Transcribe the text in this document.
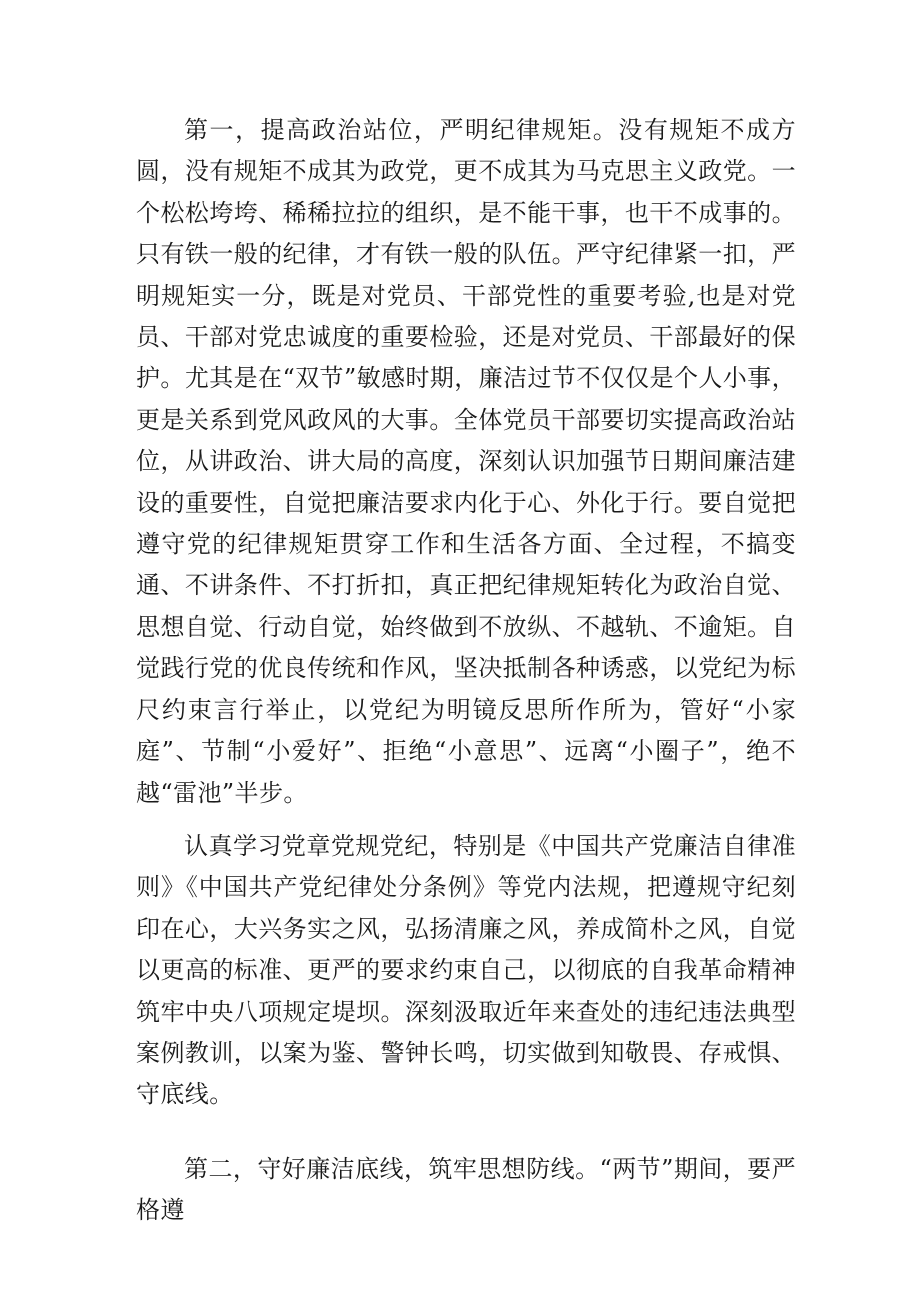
第一，提高政治站位，严明纪律规矩。没有规矩不成方圆，没有规矩不成其为政党，更不成其为马克思主义政党。一个松松垮垮、稀稀拉拉的组织，是不能干事，也干不成事的。只有铁一般的纪律，才有铁一般的队伍。严守纪律紧一扣，严明规矩实一分，既是对党员、干部党性的重要考验,也是对党员、干部对党忠诚度的重要检验，还是对党员、干部最好的保护。尤其是在“双节”敏感时期，廉洁过节不仅仅是个人小事，更是关系到党风政风的大事。全体党员干部要切实提高政治站位，从讲政治、讲大局的高度，深刻认识加强节日期间廉洁建设的重要性，自觉把廉洁要求内化于心、外化于行。要自觉把遵守党的纪律规矩贯穿工作和生活各方面、全过程，不搞变通、不讲条件、不打折扣，真正把纪律规矩转化为政治自觉、思想自觉、行动自觉，始终做到不放纵、不越轨、不逾矩。自觉践行党的优良传统和作风，坚决抵制各种诱惑，以党纪为标尺约束言行举止，以党纪为明镜反思所作所为，管好“小家庭”、节制“小爱好”、拒绝“小意思”、远离“小圈子”，绝不越“雷池”半步。

认真学习党章党规党纪，特别是《中国共产党廉洁自律准则》《中国共产党纪律处分条例》等党内法规，把遵规守纪刻印在心，大兴务实之风，弘扬清廉之风，养成简朴之风，自觉以更高的标准、更严的要求约束自己，以彻底的自我革命精神筑牢中央八项规定堤坝。深刻汲取近年来查处的违纪违法典型案例教训，以案为鉴、警钟长鸣，切实做到知敬畏、存戒惧、守底线。

第二，守好廉洁底线，筑牢思想防线。“两节”期间，要严格遵
